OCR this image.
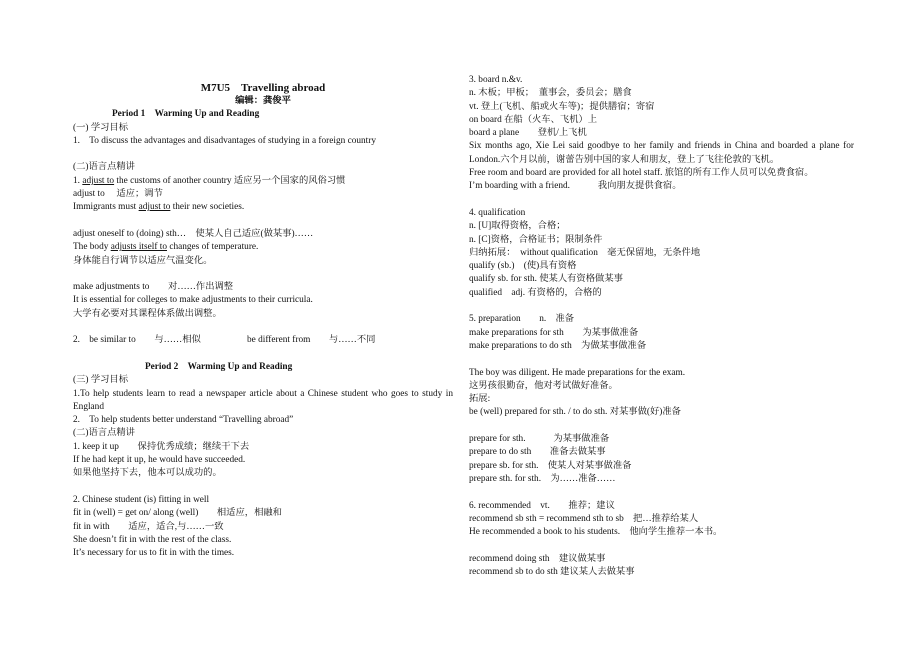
M7U5　Travelling abroad
编辑：龚俊平
Period 1　Warming Up and Reading
(一) 学习目标
1.　To discuss the advantages and disadvantages of studying in a foreign country
(二)语言点精讲
1. adjust to the customs of another country 适应另一个国家的风俗习惯
adjust to　 适应；调节
Immigrants must adjust to their new societies.
adjust oneself to (doing) sth…　使某人自己适应(做某事)……
The body adjusts itself to changes of temperature.
身体能自行调节以适应气温变化。
make adjustments to　　对……作出调整
It is essential for colleges to make adjustments to their curricula.
大学有必要对其课程体系做出调整。
2.　be similar to　　与……相似	be different from　　与……不同
Period 2　Warming Up and Reading
(三) 学习目标
1.To help students learn to read a newspaper article about a Chinese student who goes to study in England
2.　To help students better understand “Travelling abroad”
(二)语言点精讲
1. keep it up　　保持优秀成绩；继续干下去
If he had kept it up, he would have succeeded.
如果他坚持下去，他本可以成功的。
2. Chinese student (is) fitting in well
fit in (well) = get on/ along (well)　　相适应，相融和
fit in with　　适应，适合,与……一致
She doesn’t fit in with the rest of the class.
It’s necessary for us to fit in with the times.
3. board n.&v.
n. 木板；甲板；　董事会，委员会；膳食
vt. 登上(飞机、船或火车等)；提供膳宿；寄宿
on board 在船（火车、飞机）上
board a plane　　登机/上飞机
Six months ago, Xie Lei said goodbye to her family and friends in China and boarded a plane for London.六个月以前，谢蕾告别中国的家人和朋友，登上了飞往伦敦的飞机。
Free room and board are provided for all hotel staff. 旅馆的所有工作人员可以免费食宿。
I’m boarding with a friend.　　　我向朋友提供食宿。
4. qualification
n. [U]取得资格，合格；
n. [C]资格，合格证书；限制条件
归纳拓展：　without qualification　毫无保留地，无条件地
qualify (sb.)　(使)具有资格
qualify sb. for sth. 使某人有资格做某事
qualified　adj. 有资格的，合格的
5. preparation　　n.　准备
make preparations for sth　　为某事做准备
make preparations to do sth　为做某事做准备
The boy was diligent. He made preparations for the exam.
这男孩很勤奋，他对考试做好准备。
拓展:
be (well) prepared for sth. / to do sth. 对某事做(好)准备
prepare for sth.　　　为某事做准备
prepare to do sth　　准备去做某事
prepare sb. for sth.　使某人对某事做准备
prepare sth. for sth.　为……准备……
6. recommended　vt.　　推荐；建议
recommend sb sth = recommend sth to sb　把…推荐给某人
He recommended a book to his students.　他向学生推荐一本书。
recommend doing sth　建议做某事
recommend sb to do sth 建议某人去做某事
